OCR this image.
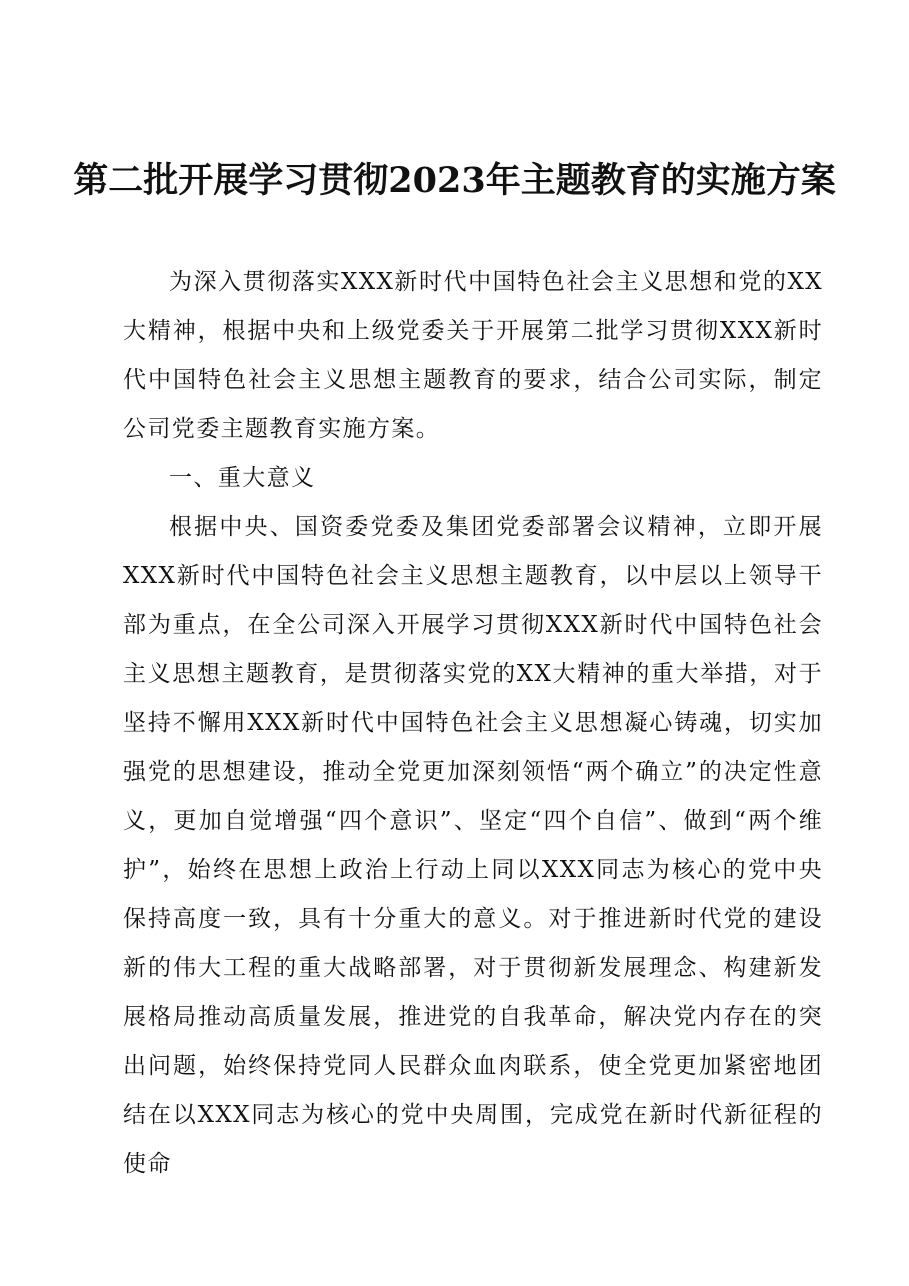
第二批开展学习贯彻2023年主题教育的实施方案

为深入贯彻落实XXX新时代中国特色社会主义思想和党的XX大精神，根据中央和上级党委关于开展第二批学习贯彻XXX新时代中国特色社会主义思想主题教育的要求，结合公司实际，制定公司党委主题教育实施方案。

一、重大意义

根据中央、国资委党委及集团党委部署会议精神，立即开展XXX新时代中国特色社会主义思想主题教育，以中层以上领导干部为重点，在全公司深入开展学习贯彻XXX新时代中国特色社会主义思想主题教育，是贯彻落实党的XX大精神的重大举措，对于坚持不懈用XXX新时代中国特色社会主义思想凝心铸魂，切实加强党的思想建设，推动全党更加深刻领悟“两个确立”的决定性意义，更加自觉增强“四个意识”、坚定“四个自信”、做到“两个维护”，始终在思想上政治上行动上同以XXX同志为核心的党中央保持高度一致，具有十分重大的意义。对于推进新时代党的建设新的伟大工程的重大战略部署，对于贯彻新发展理念、构建新发展格局推动高质量发展，推进党的自我革命，解决党内存在的突出问题，始终保持党同人民群众血肉联系，使全党更加紧密地团结在以XXX同志为核心的党中央周围，完成党在新时代新征程的使命
